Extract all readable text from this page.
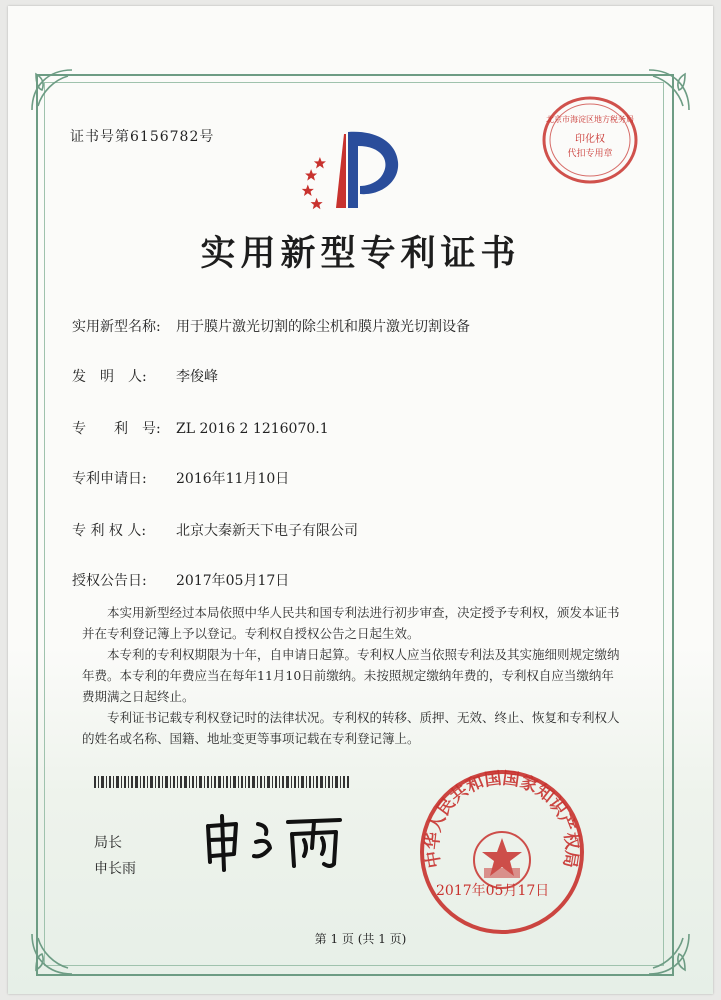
证书号第6156782号
北京市海淀区地方税务局
印化权
代扣专用章
实用新型专利证书
实用新型名称: 用于膜片激光切割的除尘机和膜片激光切割设备
发　明　人: 李俊峰
专　　利　号: ZL 2016 2 1216070.1
专利申请日: 2016年11月10日
专 利 权 人: 北京大秦新天下电子有限公司
授权公告日: 2017年05月17日

本实用新型经过本局依照中华人民共和国专利法进行初步审查，决定授予专利权，颁发本证书并在专利登记簿上予以登记。专利权自授权公告之日起生效。

本专利的专利权期限为十年，自申请日起算。专利权人应当依照专利法及其实施细则规定缴纳年费。本专利的年费应当在每年11月10日前缴纳。未按照规定缴纳年费的，专利权自应当缴纳年费期满之日起终止。

专利证书记载专利权登记时的法律状况。专利权的转移、质押、无效、终止、恢复和专利权人的姓名或名称、国籍、地址变更等事项记载在专利登记簿上。

局长
申长雨	中华人民共和国国家知识产权局
2017年05月17日
第 1 页 (共 1 页)
